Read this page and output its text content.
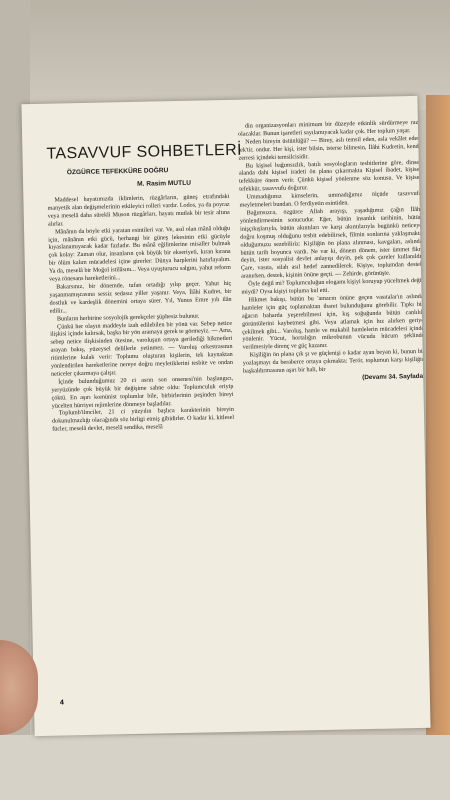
TASAVVUF SOHBETLERİ
ÖZGÜRCE TEFEKKÜRE DOĞRU
M. Rasim MUTLU

Maddesel hayatımızda iklimlerin, rüzgârların, güneş etrafındaki manyetik alan değişmelerinin etkileyici rolleri vardır. Lodos, ya da poyraz veya meselâ daha sürekli Muson rüzgârları, hayatı mutlak bir tesir altına alırlar.

Mânânın da böyle etki yaratan esintileri var. Ve, asıl olan mânâ olduğu için, mânânın etki gücü, herhangi bir güneş lekesinin etki gücüyle kıyaslanamıyacak kadar fazladır. Bu mânâ eğilimlerine misaller bulmak çok kolay: Zaman olur, insanların çok büyük bir ekseriyeti, kıran kırana bir ölüm kalım mücadelesi içine girerler: Dünya harplerini hatırlayalım. Ya da, meselâ bir Moğol istilâsını... Veya uyuşturucu salgını, yahut reform veya rönesans hareketlerini...

Bakarsınız, bir dönemde, tufan ortadığı yılıp geçer. Yahut hiç yaşanmamışcasına sessiz sedasız yiller yaşanır. Veya, İlâhi Kudret, bir dostluk ve kardeşlik dönemini ortaya sürer. Yıl, Yunus Emre yılı ilân edilir...

Bunların herbirine sosyolojik gerekçeler şüphesiz bulunur.

Çünkü her olayın maddeyle izah edilebilen bir yönü var. Sebep netice ilişkisi içinde kalırsak, başka bir yön aramaya gerek te görmeyiz. — Ama, sebep netice ilişkisinden ötesine, varoluşun ortaya gerilediği hikmetleri arayan bakış, yüzeysel delillerle yetinmez. — Varoluş orkestrasının ritimlerine kulak verir: Toplumu oluşturan kişilerin, tek kaynaktan yönlendirilen hareketlerine nereye doğru meyletiklerini tesbite ve ondan neticeler çıkarmaya çalışır.

İçinde bulunduğumuz 20 ci asrın son onsenesi'nin başlangıcı, yeryüzünde çok büyük bir değişime sahne oldu: Toplumculuk eriyip çöktü. En aşırı komünist toplumlar bile, birbirlerinin peşinden bireyi yücelten hürriyet rejimlerine dönmeye başladılar.

Toplumb'ilmciler, 21 ci yüzyılın başlıca karakterinin bireyin dokunulmazlığı olacağında söz birligi etmiş gibidirler. O kadar ki, kitlesel fücler, meselâ devlet, meselâ sendika, meselâ

din organizasyonları minimum bir düzeyde etkinlik sürdürmeye razı olacaklar. Bunun işaretleri sayılamıyacak kadar çok. Her toplum yaşar.

Neden bireyin üstünlüğü? — Birey, aslı temsil eden, asla vekâlet eden tek'tir, ondur. Her kişi, ister bilsin, isterse bilmesin, İlâhi Kudretin, kendi zerresi içindeki temsilcisidir.

Bu kişisel bağımsızlık, batılı sosyologların tesbitlerine göre, dinsel alanda dahi kişisel iradeti ön plana çıkarmakta Kişisel ibadet, kişisel tefekküre önem verir. Çünkü kişisel yönlenme söz konusu. Ve kişisel tefekkür, tasavvufu doğurur.

Ummadığımız kimselerin, ummadığımız ölçüde tasavvufa meyletmeleri bundan. O ferdiyetin esintiden.

Bağımsızca, özgürce Allah arayışı, yaşadığımız çağın İlâhî yönlendirmesinin sonucudur. Eğer, bütün insanlık tarihinin, bütün inişçıkışlarıyla, bütün akıntıları ve karşı akıntılarıyla bugünkü neticeye doğru koşmuş olduğunu tesbit edebilirsek, filmin sonlarına yaklaşmakta olduğumuzu sezebiliriz: Kişiliğin ön plana alınması, kavgaları, aslında bütün tarih boyunca vardı. Ne var ki, dönem dönem, ister ümmet fikri deyin, ister sosyalist devlet anlayışı deyin, pek çok çareler kullanıldı. Çare, vasıta, silah asıl hedef zannedilerek. Kişiye, toplumdan destek aranırken, destek, kişinin önüne geçti. — Zehirde, görünüşte.

Öyle değil mi? Toplumculuğun elogamı kişiyi koruyup yüceltmek değil miydi? Oysa kişiyi topluma kul etti.

Hikmet bakışı, bütün bu 'amacın önüne geçen vasıtalar'ın aslında hamleler için güç toplamaktan ibaret bulunduğunu görebilir. Tıpkı bir ağacın baharda yeşerebilmesi için, kış soğuğunda bütün canlılık görüntülerini kaybetmesi gibi. Veya atlamak için hız alırken geriye çekilmek gibi... Varoluş, hamle ve mukabil hamlelerin mücadelesi içinde yönlenir. Yücut, hortalığın mikrobunun vücuda hücum şeklinde verilmesiyle direnç ve güç kazanır.

Kişiliğin ön plana çık şı ve güçlenişi o kadar ayan beyan ki, bunun bir yozlaşmayı da beraberce ortaya çıkmakta: Terör, toplumun karşı kişiliğin başkaldırmasının aşırı bir hali, bir

(Devamı 34. Sayfada)
4
